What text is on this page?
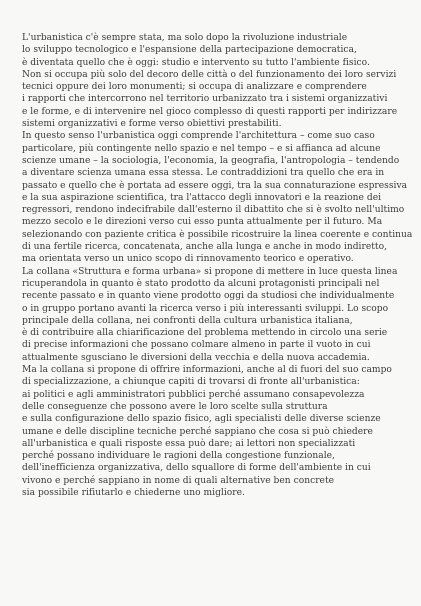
L'urbanistica c'è sempre stata, ma solo dopo la rivoluzione industriale
lo sviluppo tecnologico e l'espansione della partecipazione democratica,
è diventata quello che è oggi: studio e intervento su tutto l'ambiente fisico.
Non si occupa più solo del decoro delle città o del funzionamento dei loro servizi
tecnici oppure dei loro monumenti; si occupa di analizzare e comprendere
i rapporti che intercorrono nel territorio urbanizzato tra i sistemi organizzativi
e le forme, e di intervenire nel gioco complesso di questi rapporti per indirizzare
sistemi organizzativi e forme verso obiettivi prestabiliti.
In questo senso l'urbanistica oggi comprende l'architettura – come suo caso
particolare, più contingente nello spazio e nel tempo – e si affianca ad alcune
scienze umane – la sociologia, l'economia, la geografia, l'antropologia – tendendo
a diventare scienza umana essa stessa. Le contraddizioni tra quello che era in
passato e quello che è portata ad essere oggi, tra la sua connaturazione espressiva
e la sua aspirazione scientifica, tra l'attacco degli innovatori e la reazione dei
regressori, rendono indecifrabile dall'esterno il dibattito che si è svolto nell'ultimo
mezzo secolo e le direzioni verso cui esso punta attualmente per il futuro. Ma
selezionando con paziente critica è possibile ricostruire la linea coerente e continua
di una fertile ricerca, concatenata, anche alla lunga e anche in modo indiretto,
ma orientata verso un unico scopo di rinnovamento teorico e operativo.
La collana «Struttura e forma urbana» si propone di mettere in luce questa linea
ricuperandola in quanto è stato prodotto da alcuni protagonisti principali nel
recente passato e in quanto viene prodotto oggi da studiosi che individualmente
o in gruppo portano avanti la ricerca verso i più interessanti sviluppi. Lo scopo
principale della collana, nei confronti della cultura urbanistica italiana,
è di contribuire alla chiarificazione del problema mettendo in circolo una serie
di precise informazioni che possano colmare almeno in parte il vuoto in cui
attualmente sgusciano le diversioni della vecchia e della nuova accademia.
Ma la collana si propone di offrire informazioni, anche al di fuori del suo campo
di specializzazione, a chiunque capiti di trovarsi di fronte all'urbanistica:
ai politici e agli amministratori pubblici perché assumano consapevolezza
delle conseguenze che possono avere le loro scelte sulla struttura
e sulla configurazione dello spazio fisico, agli specialisti delle diverse scienze
umane e delle discipline tecniche perché sappiano che cosa si può chiedere
all'urbanistica e quali risposte essa può dare; ai lettori non specializzati
perché possano individuare le ragioni della congestione funzionale,
dell'inefficienza organizzativa, dello squallore di forme dell'ambiente in cui
vivono e perché sappiano in nome di quali alternative ben concrete
sia possibile rifiutarlo e chiederne uno migliore.
